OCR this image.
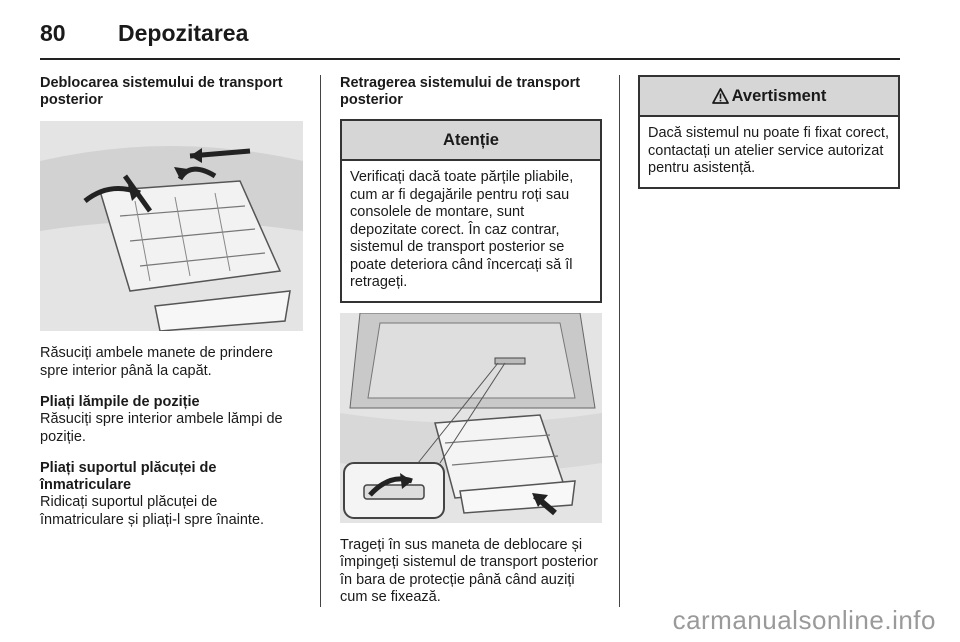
80 Depozitarea
Deblocarea sistemului de transport posterior
Răsuciți ambele manete de prindere spre interior până la capăt.
Pliați lămpile de poziție
Răsuciți spre interior ambele lămpi de poziție.
Pliați suportul plăcuței de înmatriculare
Ridicați suportul plăcuței de înmatriculare și pliați-l spre înainte.
Retragerea sistemului de transport posterior
Atenție
Verificați dacă toate părțile pliabile, cum ar fi degajările pentru roți sau consolele de montare, sunt depozitate corect. În caz contrar, sistemul de transport posterior se poate deteriora când încercați să îl retrageți.
Trageți în sus maneta de deblocare și împingeți sistemul de transport posterior în bara de protecție până când auziți cum se fixează.
Avertisment
Dacă sistemul nu poate fi fixat corect, contactați un atelier service autorizat pentru asistență.
carmanualsonline.info
